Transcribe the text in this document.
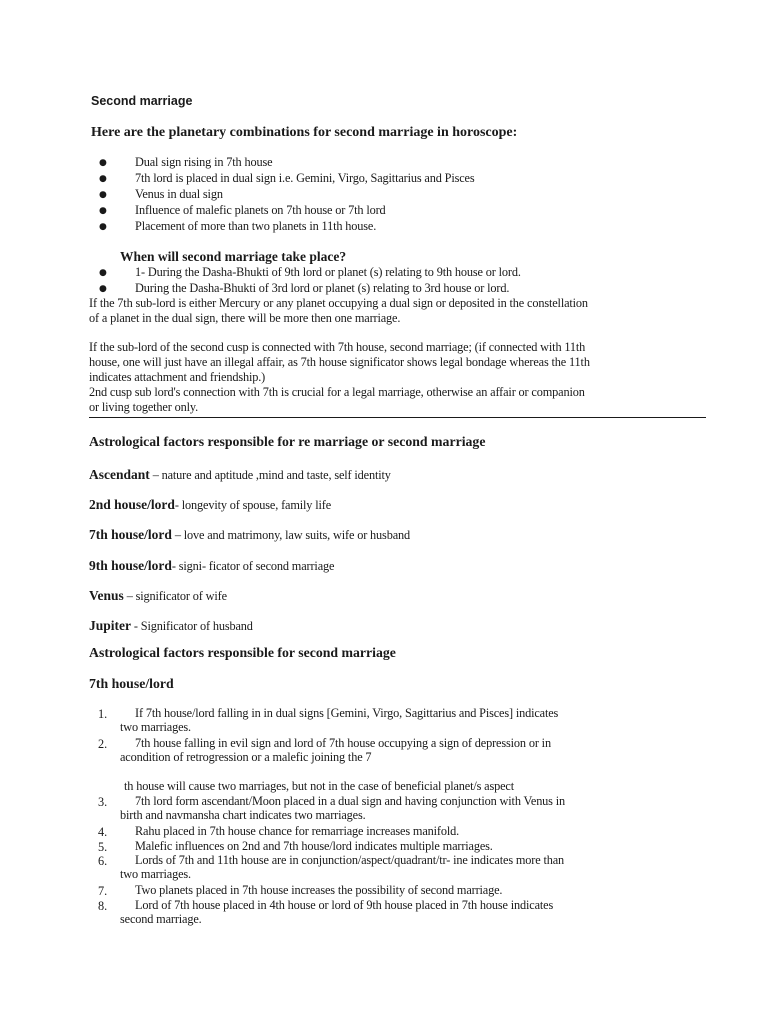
Second marriage
Here are the planetary combinations for second marriage in horoscope:
● Dual sign rising in 7th house
● 7th lord is placed in dual sign i.e. Gemini, Virgo, Sagittarius and Pisces
● Venus in dual sign
● Influence of malefic planets on 7th house or 7th lord
● Placement of more than two planets in 11th house.
When will second marriage take place?
● 1- During the Dasha-Bhukti of 9th lord or planet (s) relating to 9th house or lord.
● During the Dasha-Bhukti of 3rd lord or planet (s) relating to 3rd house or lord.
If the 7th sub-lord is either Mercury or any planet occupying a dual sign or deposited in the constellation
of a planet in the dual sign, there will be more then one marriage.
If the sub-lord of the second cusp is connected with 7th house, second marriage; (if connected with 11th
house, one will just have an illegal affair, as 7th house significator shows legal bondage whereas the 11th
indicates attachment and friendship.)
2nd cusp sub lord's connection with 7th is crucial for a legal marriage, otherwise an affair or companion
or living together only.
Astrological factors responsible for re marriage or second marriage
Ascendant – nature and aptitude ,mind and taste, self identity
2nd house/lord- longevity of spouse, family life
7th house/lord – love and matrimony, law suits, wife or husband
9th house/lord- signi- ficator of second marriage
Venus – significator of wife
Jupiter - Significator of husband
Astrological factors responsible for second marriage
7th house/lord
1. If 7th house/lord falling in in dual signs [Gemini, Virgo, Sagittarius and Pisces] indicates
two marriages.
2. 7th house falling in evil sign and lord of 7th house occupying a sign of depression or in
acondition of retrogression or a malefic joining the 7
th house will cause two marriages, but not in the case of beneficial planet/s aspect
3. 7th lord form ascendant/Moon placed in a dual sign and having conjunction with Venus in
birth and navmansha chart indicates two marriages.
4. Rahu placed in 7th house chance for remarriage increases manifold.
5. Malefic influences on 2nd and 7th house/lord indicates multiple marriages.
6. Lords of 7th and 11th house are in conjunction/aspect/quadrant/tr- ine indicates more than
two marriages.
7. Two planets placed in 7th house increases the possibility of second marriage.
8. Lord of 7th house placed in 4th house or lord of 9th house placed in 7th house indicates
second marriage.
